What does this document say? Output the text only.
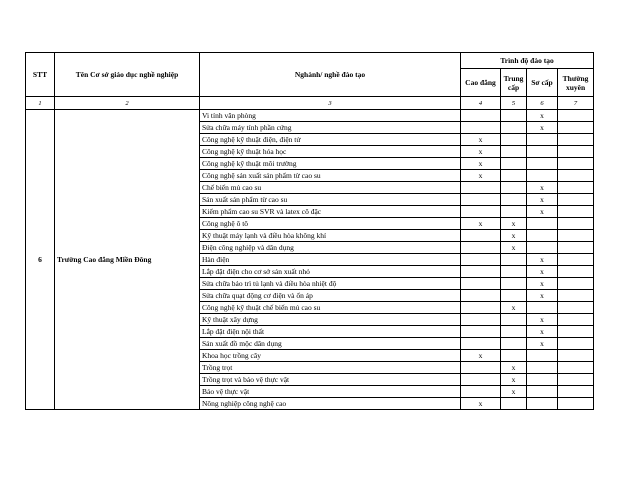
STT	Tên Cơ sở giáo dục nghề nghiệp	Nghành/ nghề đào tạo	Trình độ đào tạo			
			Cao đẳng	Trung cấp	Sơ cấp	Thường xuyên
1	2	3	4	5	6	7
6	Trường Cao đẳng Miền Đông	Vi tính văn phòng			x	
		Sửa chữa máy tính phần cứng			x	
		Công nghệ kỹ thuật điện, điện tử	x			
		Công nghệ kỹ thuật hóa học	x			
		Công nghệ kỹ thuật môi trường	x			
		Công nghệ sản xuất sản phẩm từ cao su	x			
		Chế biến mủ cao su			x	
		Sản xuất sản phẩm từ cao su			x	
		Kiểm phẩm cao su SVR và latex cô đặc			x	
		Công nghệ ô tô	x	x		
		Kỹ thuật máy lạnh và điều hòa không khí		x		
		Điện công nghiệp và dân dụng		x		
		Hàn điện			x	
		Lắp đặt điện cho cơ sở sản xuất nhỏ			x	
		Sửa chữa bảo trì tủ lạnh và điều hòa nhiệt độ			x	
		Sửa chữa quạt động cơ điện và ổn áp			x	
		Công nghệ kỹ thuật chế biến mủ cao su		x		
		Kỹ thuật xây dựng			x	
		Lắp đặt điện nội thất			x	
		Sản xuất đồ mộc dân dụng			x	
		Khoa học trồng cây	x			
		Trồng trọt		x		
		Trồng trọt và bảo vệ thực vật		x		
		Bảo vệ thực vật		x		
		Nông nghiệp công nghệ cao	x			
